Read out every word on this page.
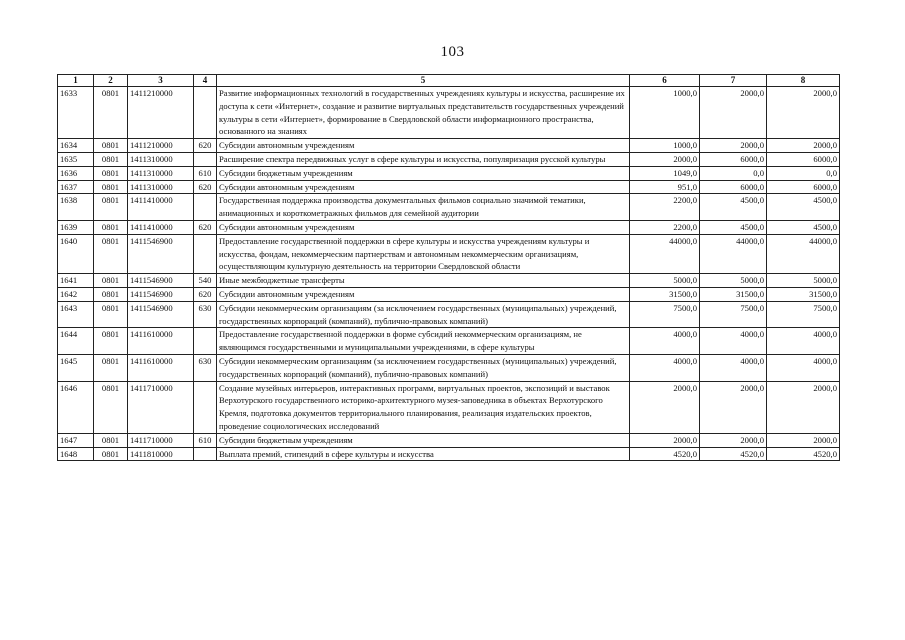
103
1	2	3	4	5	6	7	8
1633	0801	1411210000		Развитие информационных технологий в государственных учреждениях культуры и искусства, расширение их доступа к сети «Интернет», создание и развитие виртуальных представительств государственных учреждений культуры в сети «Интернет», формирование в Свердловской области информационного пространства, основанного на знаниях	1000,0	2000,0	2000,0
1634	0801	1411210000	620	Субсидии автономным учреждениям	1000,0	2000,0	2000,0
1635	0801	1411310000		Расширение спектра передвижных услуг в сфере культуры и искусства, популяризация русской культуры	2000,0	6000,0	6000,0
1636	0801	1411310000	610	Субсидии бюджетным учреждениям	1049,0	0,0	0,0
1637	0801	1411310000	620	Субсидии автономным учреждениям	951,0	6000,0	6000,0
1638	0801	1411410000		Государственная поддержка производства документальных фильмов социально значимой тематики, анимационных и короткометражных фильмов для семейной аудитории	2200,0	4500,0	4500,0
1639	0801	1411410000	620	Субсидии автономным учреждениям	2200,0	4500,0	4500,0
1640	0801	1411546900		Предоставление государственной поддержки в сфере культуры и искусства учреждениям культуры и искусства, фондам, некоммерческим партнерствам и автономным некоммерческим организациям, осуществляющим культурную деятельность на территории Свердловской области	44000,0	44000,0	44000,0
1641	0801	1411546900	540	Иные межбюджетные трансферты	5000,0	5000,0	5000,0
1642	0801	1411546900	620	Субсидии автономным учреждениям	31500,0	31500,0	31500,0
1643	0801	1411546900	630	Субсидии некоммерческим организациям (за исключением государственных (муниципальных) учреждений, государственных корпораций (компаний), публично-правовых компаний)	7500,0	7500,0	7500,0
1644	0801	1411610000		Предоставление государственной поддержки в форме субсидий некоммерческим организациям, не являющимся государственными и муниципальными учреждениями, в сфере культуры	4000,0	4000,0	4000,0
1645	0801	1411610000	630	Субсидии некоммерческим организациям (за исключением государственных (муниципальных) учреждений, государственных корпораций (компаний), публично-правовых компаний)	4000,0	4000,0	4000,0
1646	0801	1411710000		Создание музейных интерьеров, интерактивных программ, виртуальных проектов, экспозиций и выставок Верхотурского государственного историко-архитектурного музея-заповедника в объектах Верхотурского Кремля, подготовка документов территориального планирования, реализация издательских проектов, проведение социологических исследований	2000,0	2000,0	2000,0
1647	0801	1411710000	610	Субсидии бюджетным учреждениям	2000,0	2000,0	2000,0
1648	0801	1411810000		Выплата премий, стипендий в сфере культуры и искусства	4520,0	4520,0	4520,0
